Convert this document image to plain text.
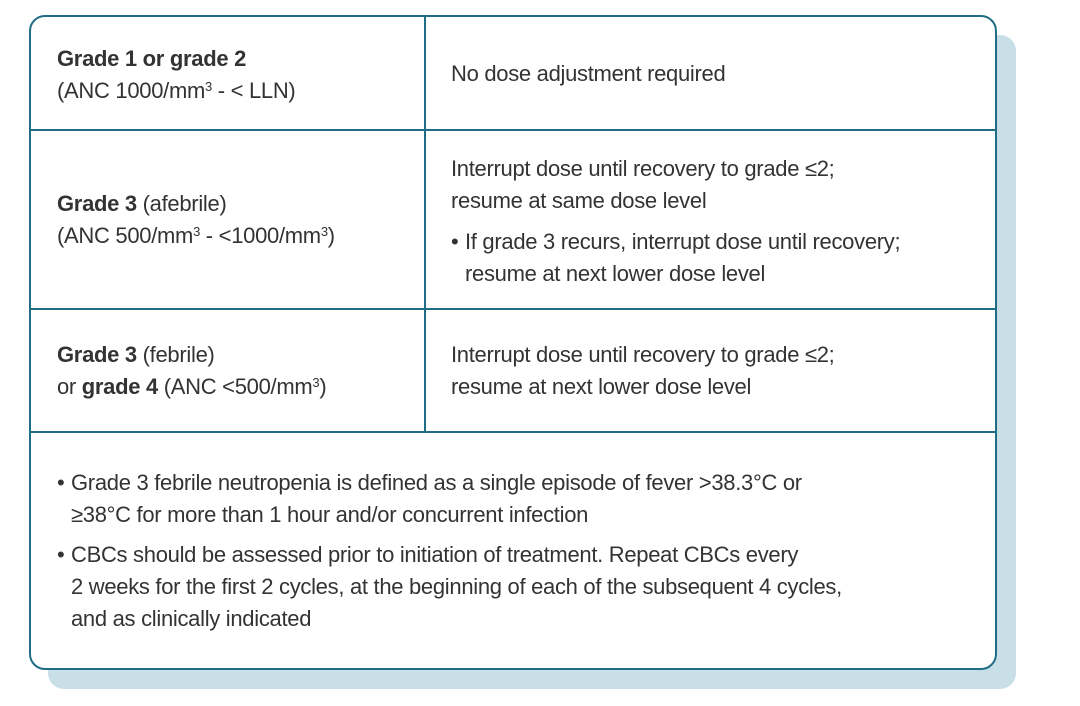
Grade 1 or grade 2
(ANC $1000/mm^3$ - < LLN)
No dose adjustment required
Grade 3 (afebrile)
(ANC $500/mm^3 - <1000/mm^3$)
Interrupt dose until recovery to grade ≤2;
resume at same dose level
• If grade 3 recurs, interrupt dose until recovery;
resume at next lower dose level
Grade 3 (febrile)
or grade 4 $(ANC <500/mm^3)$
Interrupt dose until recovery to grade ≤2;
resume at next lower dose level
• Grade 3 febrile neutropenia is defined as a single episode of fever >38.3°C or
≥38°C for more than 1 hour and/or concurrent infection
• CBCs should be assessed prior to initiation of treatment. Repeat CBCs every
2 weeks for the first 2 cycles, at the beginning of each of the subsequent 4 cycles,
and as clinically indicated
